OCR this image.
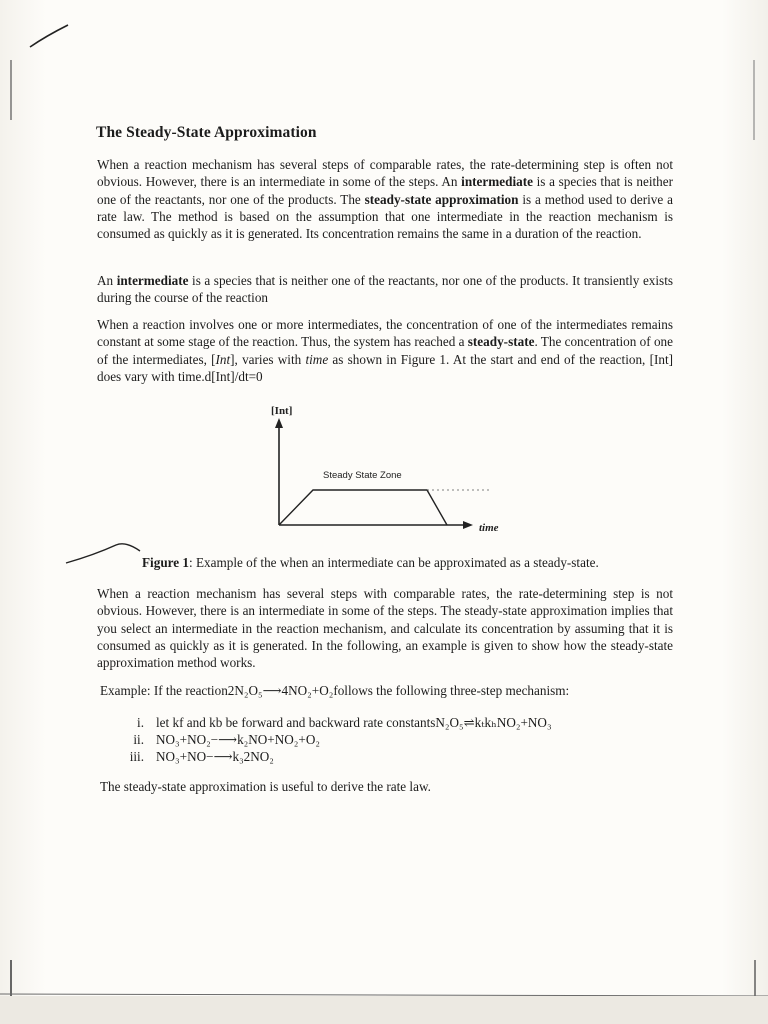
The Steady-State Approximation

When a reaction mechanism has several steps of comparable rates, the rate-determining step is often not obvious. However, there is an intermediate in some of the steps. An intermediate is a species that is neither one of the reactants, nor one of the products. The steady-state approximation is a method used to derive a rate law. The method is based on the assumption that one intermediate in the reaction mechanism is consumed as quickly as it is generated. Its concentration remains the same in a duration of the reaction.

An intermediate is a species that is neither one of the reactants, nor one of the products. It transiently exists during the course of the reaction

When a reaction involves one or more intermediates, the concentration of one of the intermediates remains constant at some stage of the reaction. Thus, the system has reached a steady-state. The concentration of one of the intermediates, [Int], varies with time as shown in Figure 1. At the start and end of the reaction, [Int] does vary with time.d[Int]/dt=0

[Int]
time
Steady State Zone

Figure 1: Example of the when an intermediate can be approximated as a steady-state.

When a reaction mechanism has several steps with comparable rates, the rate-determining step is not obvious. However, there is an intermediate in some of the steps. The steady-state approximation implies that you select an intermediate in the reaction mechanism, and calculate its concentration by assuming that it is consumed as quickly as it is generated. In the following, an example is given to show how the steady-state approximation method works.

Example: If the reaction2N₂O₅⟶4NO₂+O₂follows the following three-step mechanism:

i. let kf and kb be forward and backward rate constantsN₂O₅⇌kₜkₕNO₂+NO₃
ii. NO₃+NO₂−⟶k₂NO+NO₂+O₂
iii. NO₃+NO−⟶k₃2NO₂

The steady-state approximation is useful to derive the rate law.
